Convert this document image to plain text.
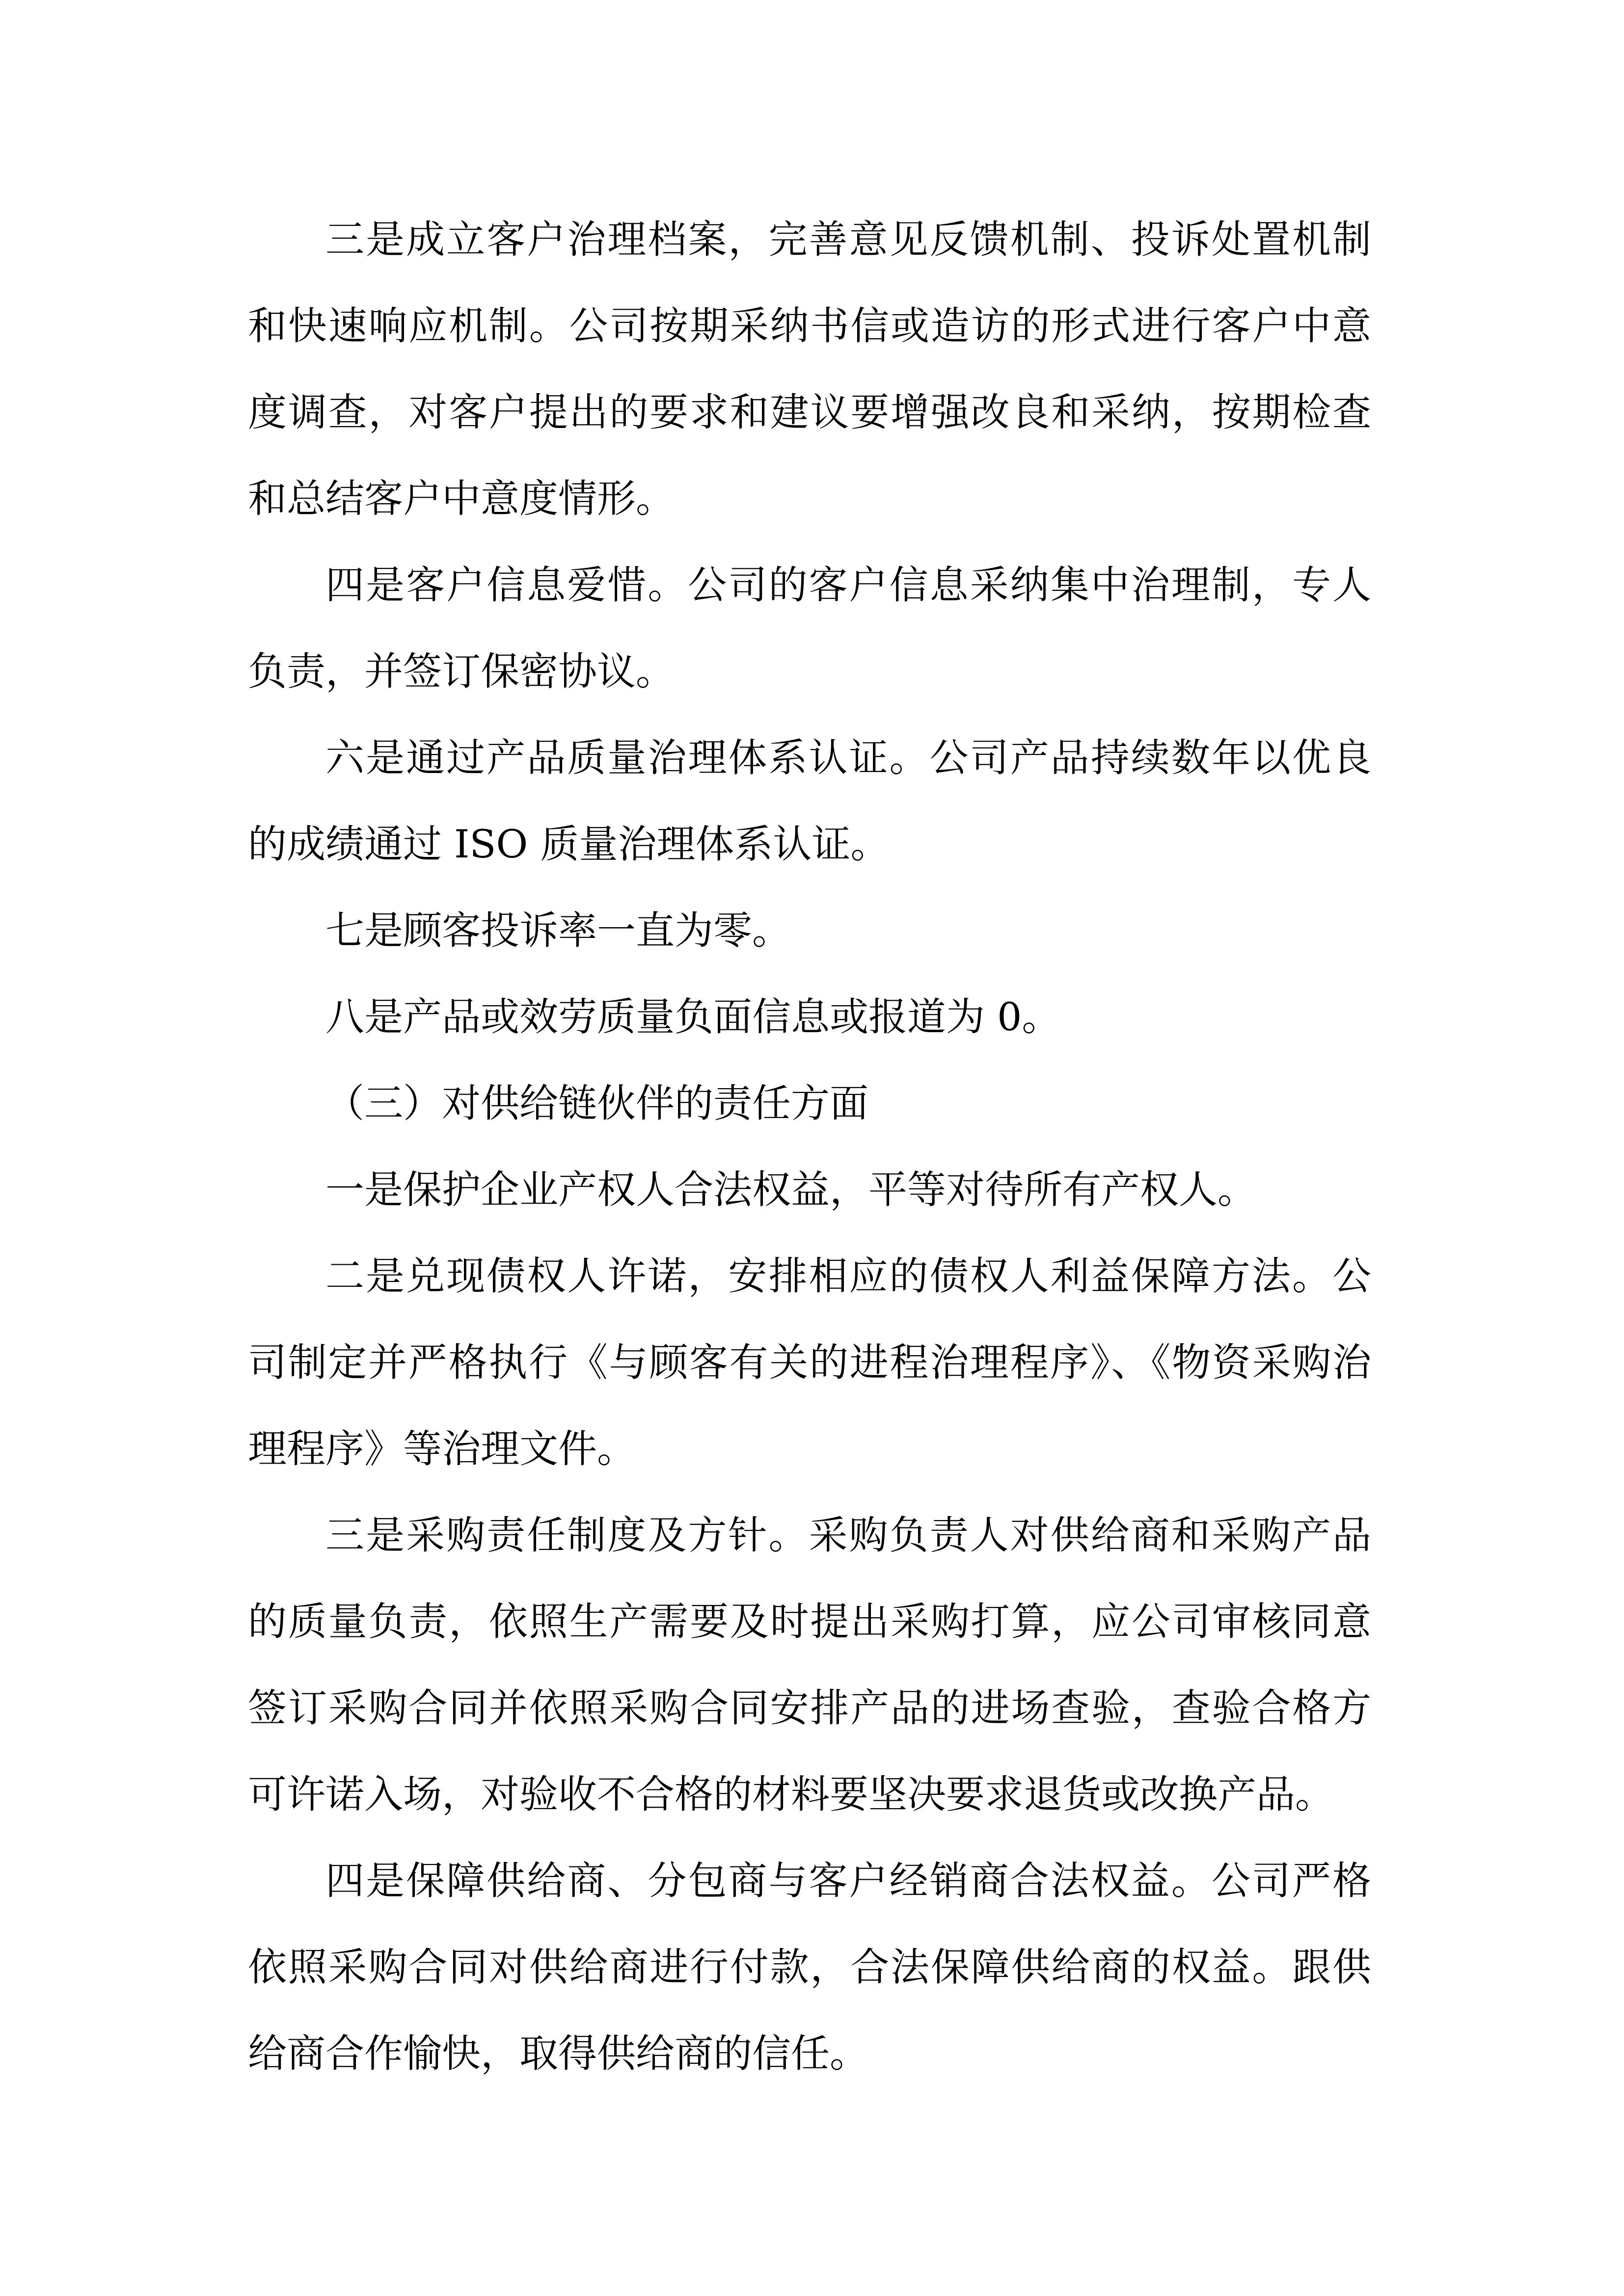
三是成立客户治理档案，完善意见反馈机制、投诉处置机制和快速响应机制。公司按期采纳书信或造访的形式进行客户中意度调查，对客户提出的要求和建议要增强改良和采纳，按期检查和总结客户中意度情形。

四是客户信息爱惜。公司的客户信息采纳集中治理制，专人负责，并签订保密协议。

六是通过产品质量治理体系认证。公司产品持续数年以优良的成绩通过 ISO 质量治理体系认证。

七是顾客投诉率一直为零。

八是产品或效劳质量负面信息或报道为 0。

（三）对供给链伙伴的责任方面

一是保护企业产权人合法权益，平等对待所有产权人。

二是兑现债权人许诺，安排相应的债权人利益保障方法。公司制定并严格执行《与顾客有关的进程治理程序》、《物资采购治理程序》等治理文件。

三是采购责任制度及方针。采购负责人对供给商和采购产品的质量负责，依照生产需要及时提出采购打算，应公司审核同意签订采购合同并依照采购合同安排产品的进场查验，查验合格方可许诺入场，对验收不合格的材料要坚决要求退货或改换产品。

四是保障供给商、分包商与客户经销商合法权益。公司严格依照采购合同对供给商进行付款，合法保障供给商的权益。跟供给商合作愉快，取得供给商的信任。
